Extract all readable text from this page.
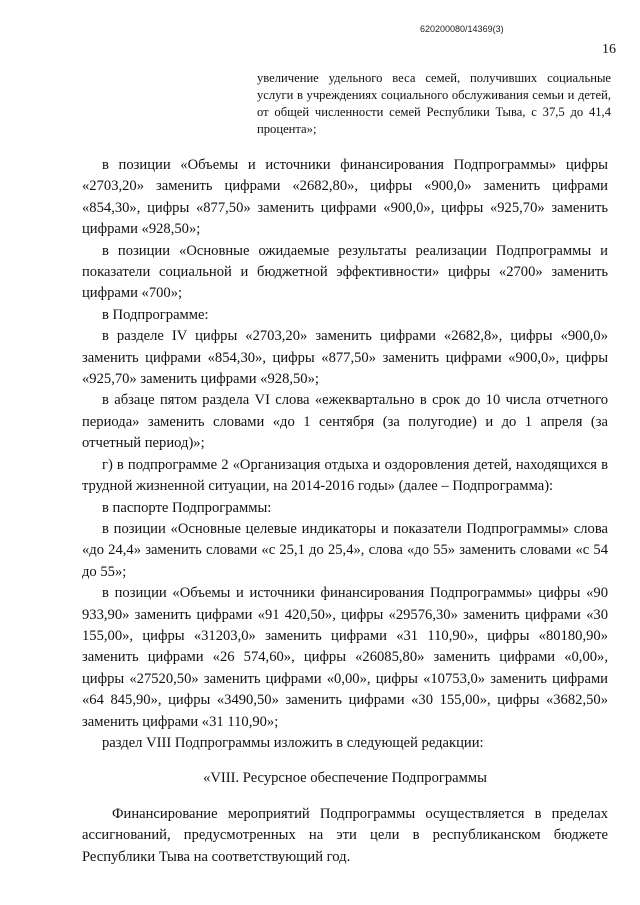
620200080/14369(3)
16
увеличение удельного веса семей, получивших социальные услуги в учреждениях социального обслуживания семьи и детей, от общей численности семей Республики Тыва, с 37,5 до 41,4 процента»;

в позиции «Объемы и источники финансирования Подпрограммы» цифры «2703,20» заменить цифрами «2682,80», цифры «900,0» заменить цифрами «854,30», цифры «877,50» заменить цифрами «900,0», цифры «925,70» заменить цифрами «928,50»;

в позиции «Основные ожидаемые результаты реализации Подпрограммы и показатели социальной и бюджетной эффективности» цифры «2700» заменить цифрами «700»;

в Подпрограмме:

в разделе IV цифры «2703,20» заменить цифрами «2682,8», цифры «900,0» заменить цифрами «854,30», цифры «877,50» заменить цифрами «900,0», цифры «925,70» заменить цифрами «928,50»;

в абзаце пятом раздела VI слова «ежеквартально в срок до 10 числа отчетного периода» заменить словами «до 1 сентября (за полугодие) и до 1 апреля (за отчетный период)»;

г) в подпрограмме 2 «Организация отдыха и оздоровления детей, находящихся в трудной жизненной ситуации, на 2014-2016 годы» (далее – Подпрограмма):

в паспорте Подпрограммы:

в позиции «Основные целевые индикаторы и показатели Подпрограммы» слова «до 24,4» заменить словами «с 25,1 до 25,4», слова «до 55» заменить словами «с 54 до 55»;

в позиции «Объемы и источники финансирования Подпрограммы» цифры «90 933,90» заменить цифрами «91 420,50», цифры «29576,30» заменить цифрами «30 155,00», цифры «31203,0» заменить цифрами «31 110,90», цифры «80180,90» заменить цифрами «26 574,60», цифры «26085,80» заменить цифрами «0,00», цифры «27520,50» заменить цифрами «0,00», цифры «10753,0» заменить цифрами «64 845,90», цифры «3490,50» заменить цифрами «30 155,00», цифры «3682,50» заменить цифрами «31 110,90»;

раздел VIII Подпрограммы изложить в следующей редакции:

«VIII. Ресурсное обеспечение Подпрограммы

Финансирование мероприятий Подпрограммы осуществляется в пределах ассигнований, предусмотренных на эти цели в республиканском бюджете Республики Тыва на соответствующий год.
